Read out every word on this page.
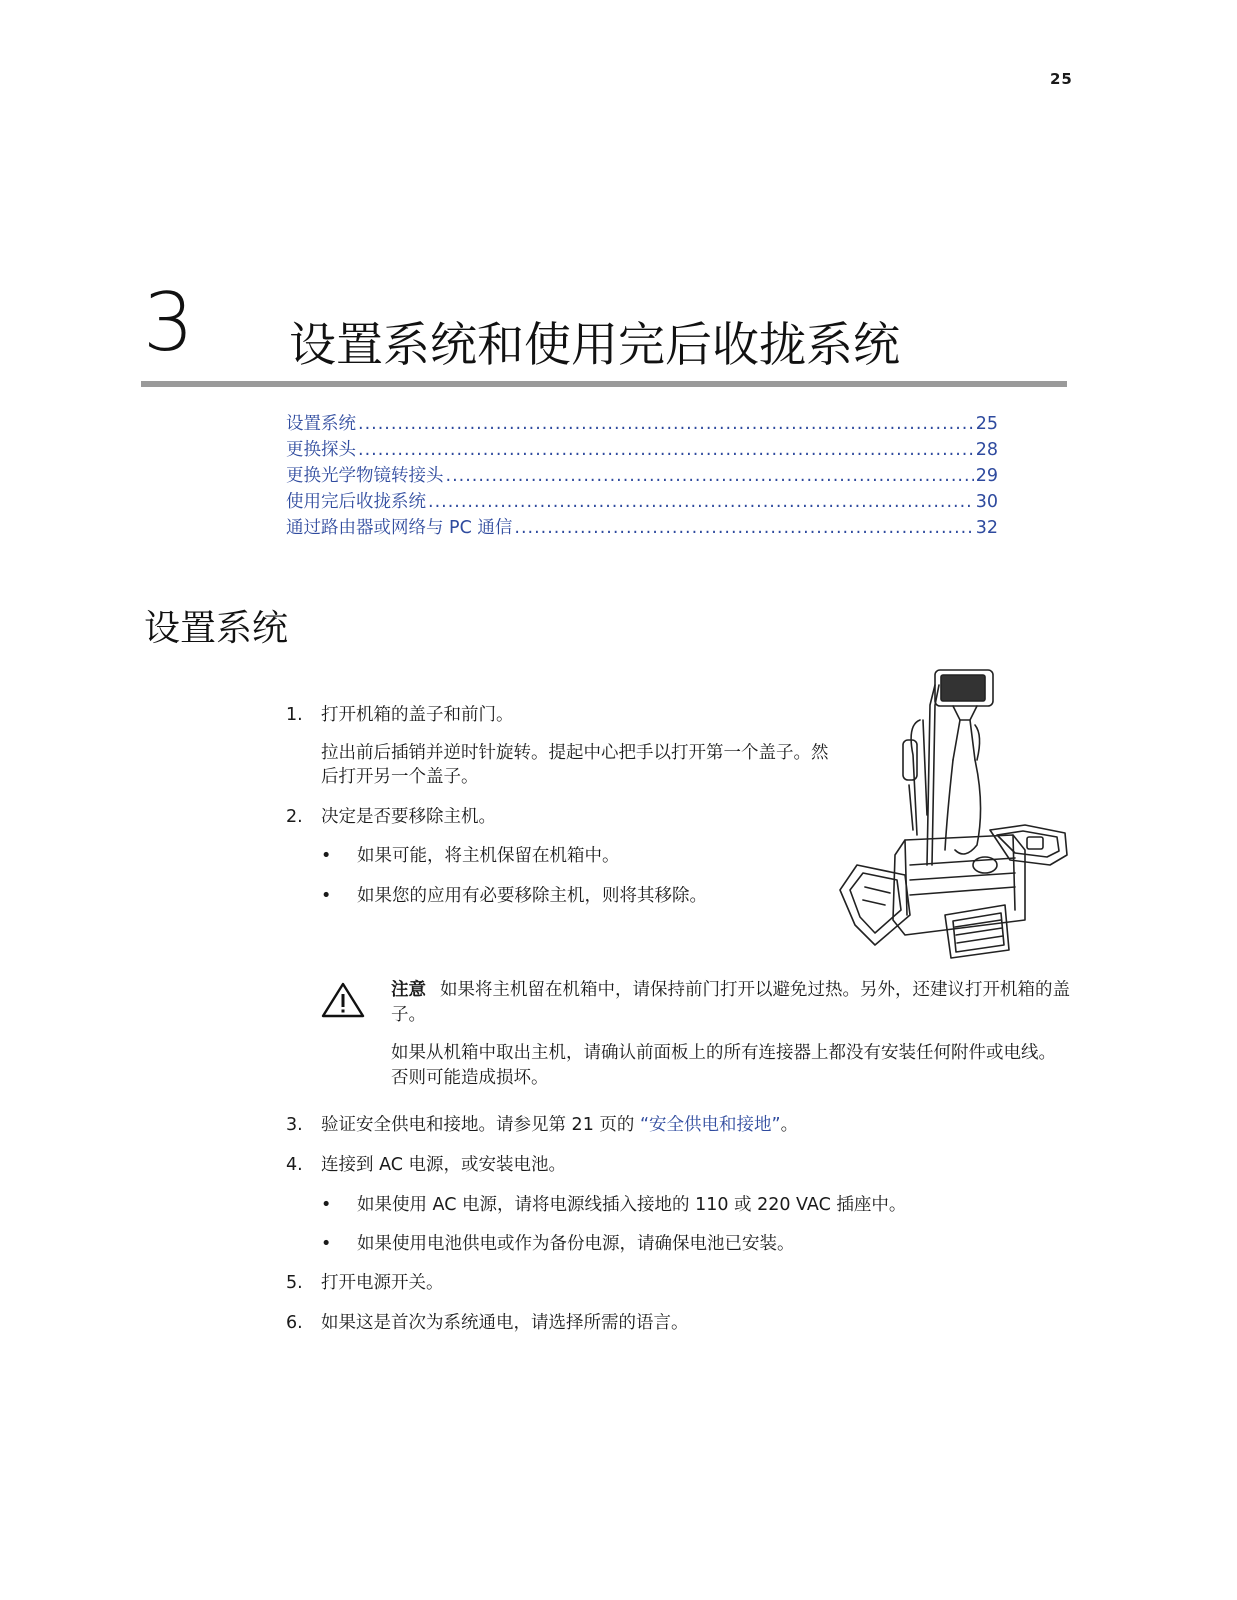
25
3 设置系统和使用完后收拢系统
设置系统 .....	25
更换探头 .....	28
更换光学物镜转接头 .....	29
使用完后收拢系统 .....	30
通过路由器或网络与 PC 通信 .....	32
设置系统
1.	打开机箱的盖子和前门。
拉出前后插销并逆时针旋转。提起中心把手以打开第一个盖子。然后打开另一个盖子。
2.	决定是否要移除主机。
• 如果可能，将主机保留在机箱中。
• 如果您的应用有必要移除主机，则将其移除。
注意 如果将主机留在机箱中，请保持前门打开以避免过热。另外，还建议打开机箱的盖子。
如果从机箱中取出主机，请确认前面板上的所有连接器上都没有安装任何附件或电线。否则可能造成损坏。
3.	验证安全供电和接地。请参见第 21 页的 “安全供电和接地”。
4.	连接到 AC 电源，或安装电池。
• 如果使用 AC 电源，请将电源线插入接地的 110 或 220 VAC 插座中。
• 如果使用电池供电或作为备份电源，请确保电池已安装。
5.	打开电源开关。
6.	如果这是首次为系统通电，请选择所需的语言。
